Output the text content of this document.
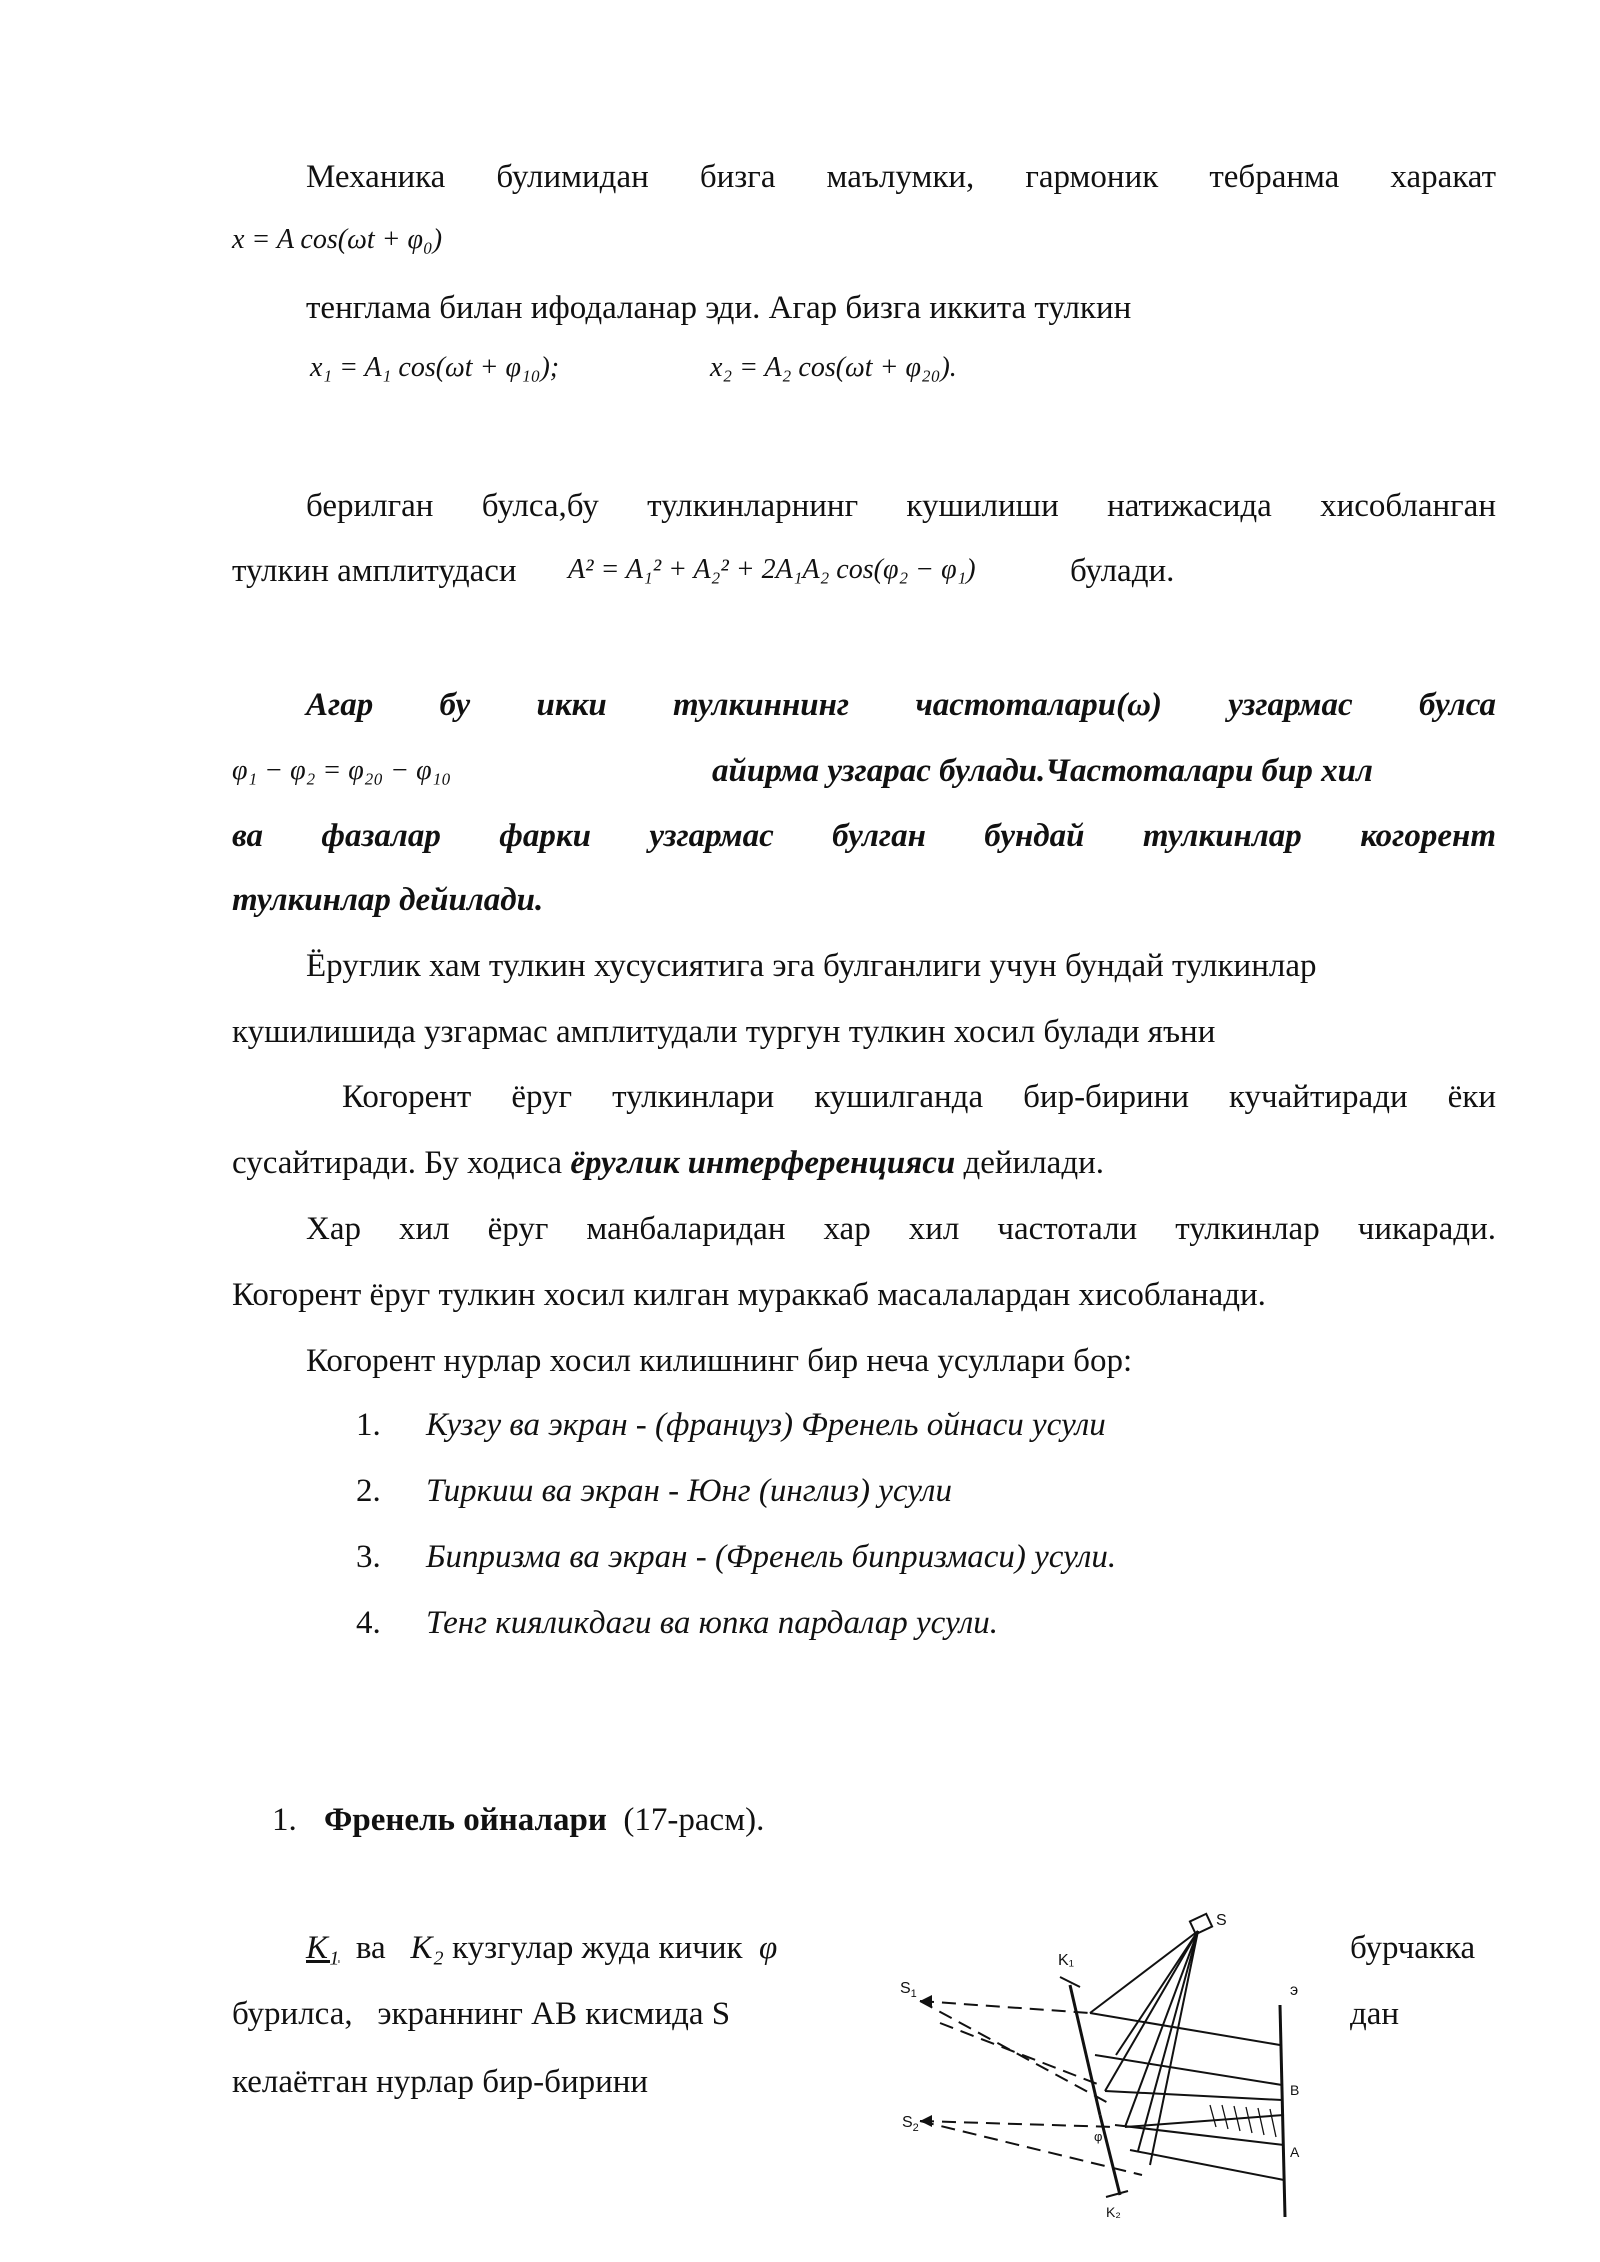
Механика булимидан бизга маълумки, гармоник тебранма харакат
x = A cos(ωt + φ₀)
тенглама билан ифодаланар эди. Агар бизга иккита тулкин
x₁ = A₁ cos(ωt + φ₁₀);	x₂ = A₂ cos(ωt + φ₂₀).
берилган булса,бу тулкинларнинг кушилиши натижасида хисобланган
тулкин амплитудаси A² = A₁² + A₂² + 2A₁A₂ cos(φ₂ − φ₁)	булади.
Агар бу икки тулкиннинг частоталари(ω) узгармас булса
φ₁ − φ₂ = φ₂₀ − φ₁₀	айирма узгарас булади.Частоталари бир хил
ва фазалар фарки узгармас булган бундай тулкинлар когорент
тулкинлар дейилади.
Ёруглик хам тулкин хусусиятига эга булганлиги учун бундай тулкинлар
кушилишида узгармас амплитудали тургун тулкин хосил булади яъни
Когорент ёруг тулкинлари кушилганда бир-бирини кучайтиради ёки
сусайтиради. Бу ходиса ёруглик интерференцияси дейилади.
Хар хил ёруг манбаларидан хар хил частотали тулкинлар чикаради.
Когорент ёруг тулкин хосил килган мураккаб масалалардан хисобланади.
Когорент нурлар хосил килишнинг бир неча усуллари бор:
1. Кузгу ва экран - (француз) Френель ойнаси усули
2. Тиркиш ва экран - Юнг (инглиз) усули
3. Бипризма ва экран - (Френель бипризмаси) усули.
4. Тенг кияликдаги ва юпка пардалар усули.
1. Френель ойналари (17-расм).
К₁ ва К₂ кузгулар жуда кичик φ	бурчакка
бурилса, экраннинг АВ кисмида S	дан
келаётган нурлар бир-бирини
S
$S_1$
$S_2$
K₁
K₂
э
B
A
φ
